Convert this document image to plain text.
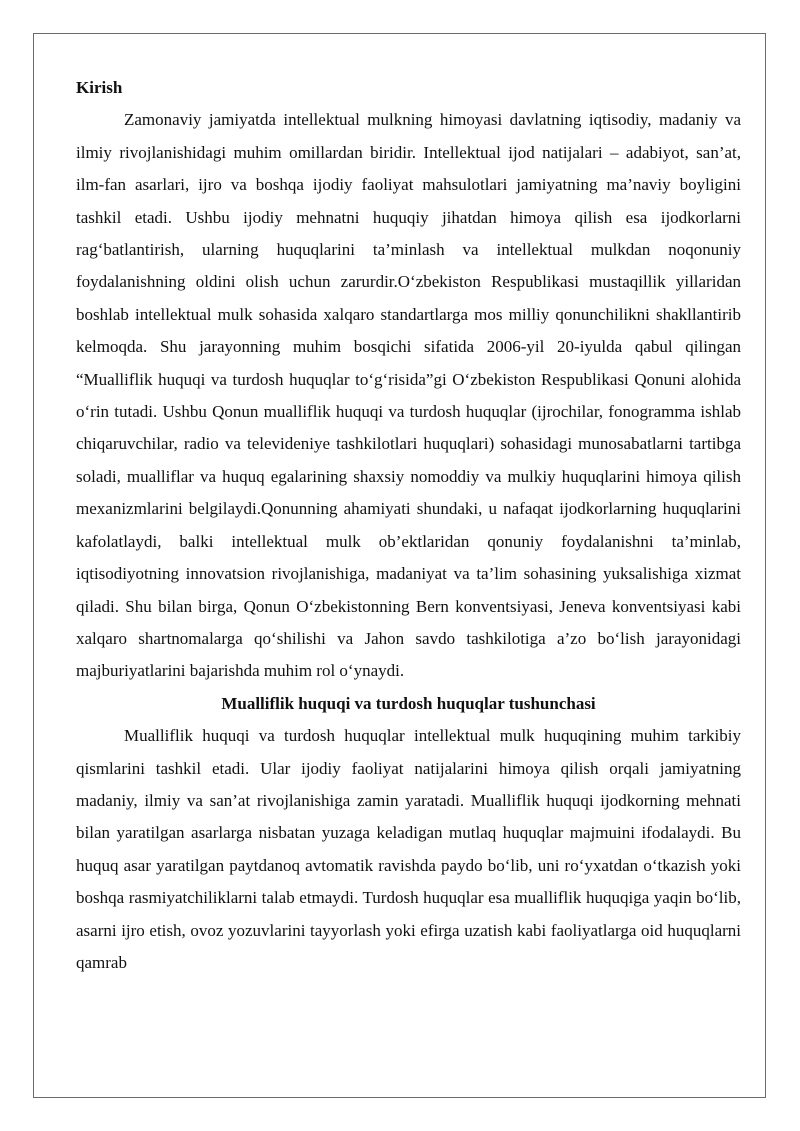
Kirish

Zamonaviy jamiyatda intellektual mulkning himoyasi davlatning iqtisodiy, madaniy va ilmiy rivojlanishidagi muhim omillardan biridir. Intellektual ijod natijalari – adabiyot, san’at, ilm-fan asarlari, ijro va boshqa ijodiy faoliyat mahsulotlari jamiyatning ma’naviy boyligini tashkil etadi. Ushbu ijodiy mehnatni huquqiy jihatdan himoya qilish esa ijodkorlarni rag‘batlantirish, ularning huquqlarini ta’minlash va intellektual mulkdan noqonuniy foydalanishning oldini olish uchun zarurdir.O‘zbekiston Respublikasi mustaqillik yillaridan boshlab intellektual mulk sohasida xalqaro standartlarga mos milliy qonunchilikni shakllantirib kelmoqda. Shu jarayonning muhim bosqichi sifatida 2006-yil 20-iyulda qabul qilingan “Mualliflik huquqi va turdosh huquqlar to‘g‘risida”gi O‘zbekiston Respublikasi Qonuni alohida o‘rin tutadi. Ushbu Qonun mualliflik huquqi va turdosh huquqlar (ijrochilar, fonogramma ishlab chiqaruvchilar, radio va televideniye tashkilotlari huquqlari) sohasidagi munosabatlarni tartibga soladi, mualliflar va huquq egalarining shaxsiy nomoddiy va mulkiy huquqlarini himoya qilish mexanizmlarini belgilaydi.Qonunning ahamiyati shundaki, u nafaqat ijodkorlarning huquqlarini kafolatlaydi, balki intellektual mulk ob’ektlaridan qonuniy foydalanishni ta’minlab, iqtisodiyotning innovatsion rivojlanishiga, madaniyat va ta’lim sohasining yuksalishiga xizmat qiladi. Shu bilan birga, Qonun O‘zbekistonning Bern konventsiyasi, Jeneva konventsiyasi kabi xalqaro shartnomalarga qo‘shilishi va Jahon savdo tashkilotiga a’zo bo‘lish jarayonidagi majburiyatlarini bajarishda muhim rol o‘ynaydi.

Mualliflik huquqi va turdosh huquqlar tushunchasi

Mualliflik huquqi va turdosh huquqlar intellektual mulk huquqining muhim tarkibiy qismlarini tashkil etadi. Ular ijodiy faoliyat natijalarini himoya qilish orqali jamiyatning madaniy, ilmiy va san’at rivojlanishiga zamin yaratadi. Mualliflik huquqi ijodkorning mehnati bilan yaratilgan asarlarga nisbatan yuzaga keladigan mutlaq huquqlar majmuini ifodalaydi. Bu huquq asar yaratilgan paytdanoq avtomatik ravishda paydo bo‘lib, uni ro‘yxatdan o‘tkazish yoki boshqa rasmiyatchiliklarni talab etmaydi. Turdosh huquqlar esa mualliflik huquqiga yaqin bo‘lib, asarni ijro etish, ovoz yozuvlarini tayyorlash yoki efirga uzatish kabi faoliyatlarga oid huquqlarni qamrab
